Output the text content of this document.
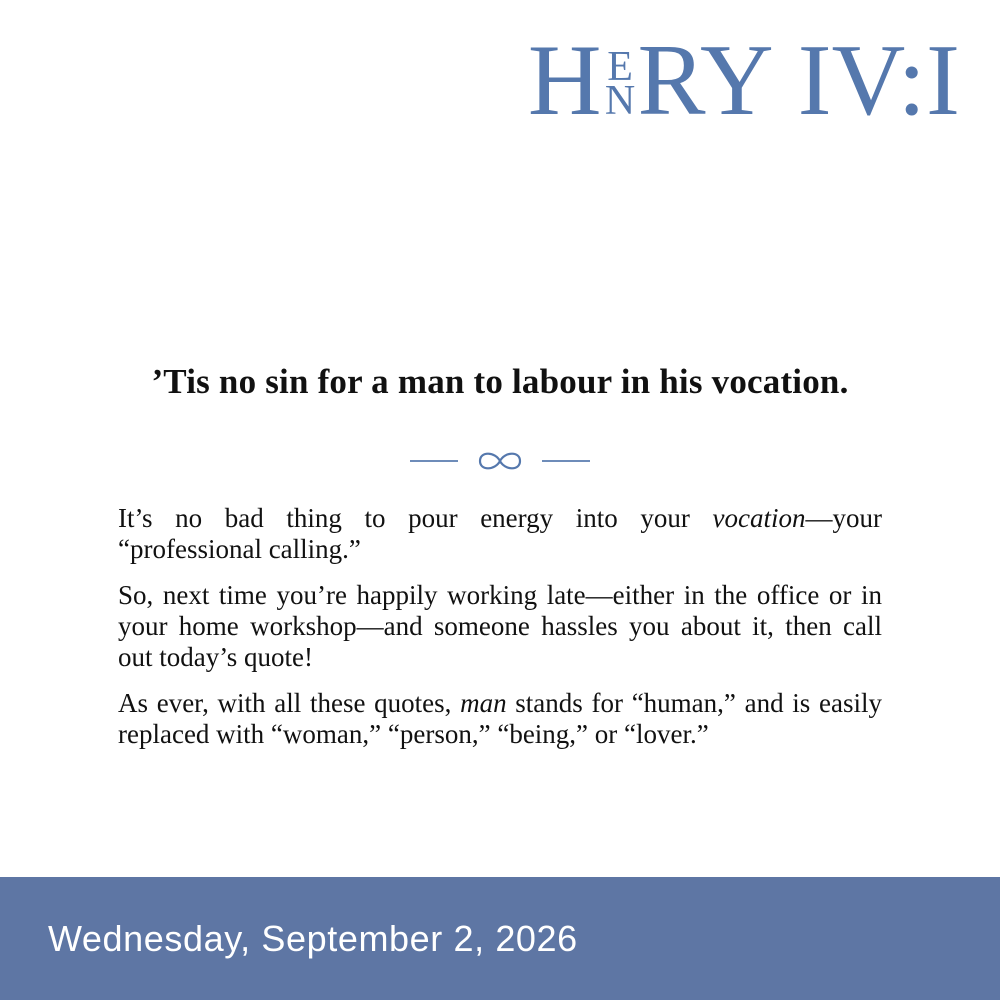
H E
N RY IV:I
’Tis no sin for a man to labour in his vocation.

It’s no bad thing to pour energy into your vocation—your “professional calling.”

So, next time you’re happily working late—either in the office or in your home workshop—and someone hassles you about it, then call out today’s quote!

As ever, with all these quotes, man stands for “human,” and is easily replaced with “woman,” “person,” “being,” or “lover.”

Wednesday, September 2, 2026
